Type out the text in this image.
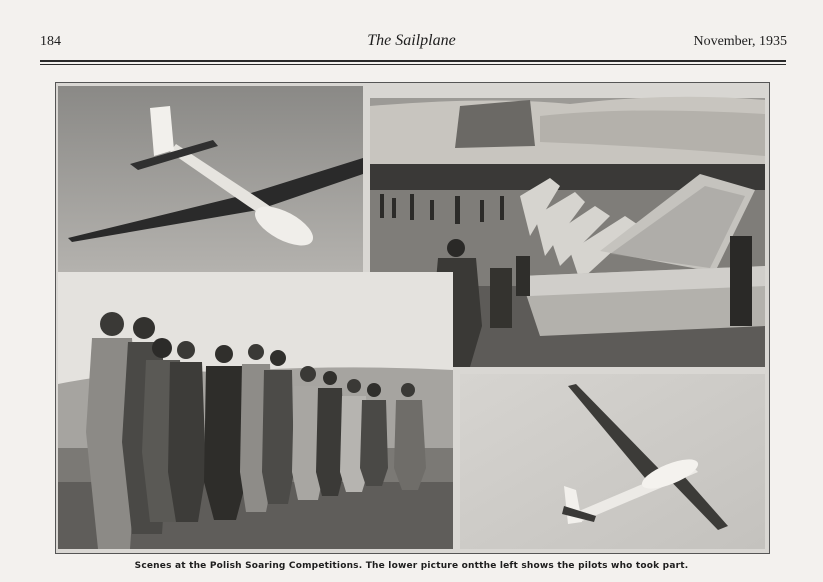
184	The Sailplane	November, 1935
Scenes at the Polish Soaring Competitions. The lower picture ontthe left shows the pilots who took part.
